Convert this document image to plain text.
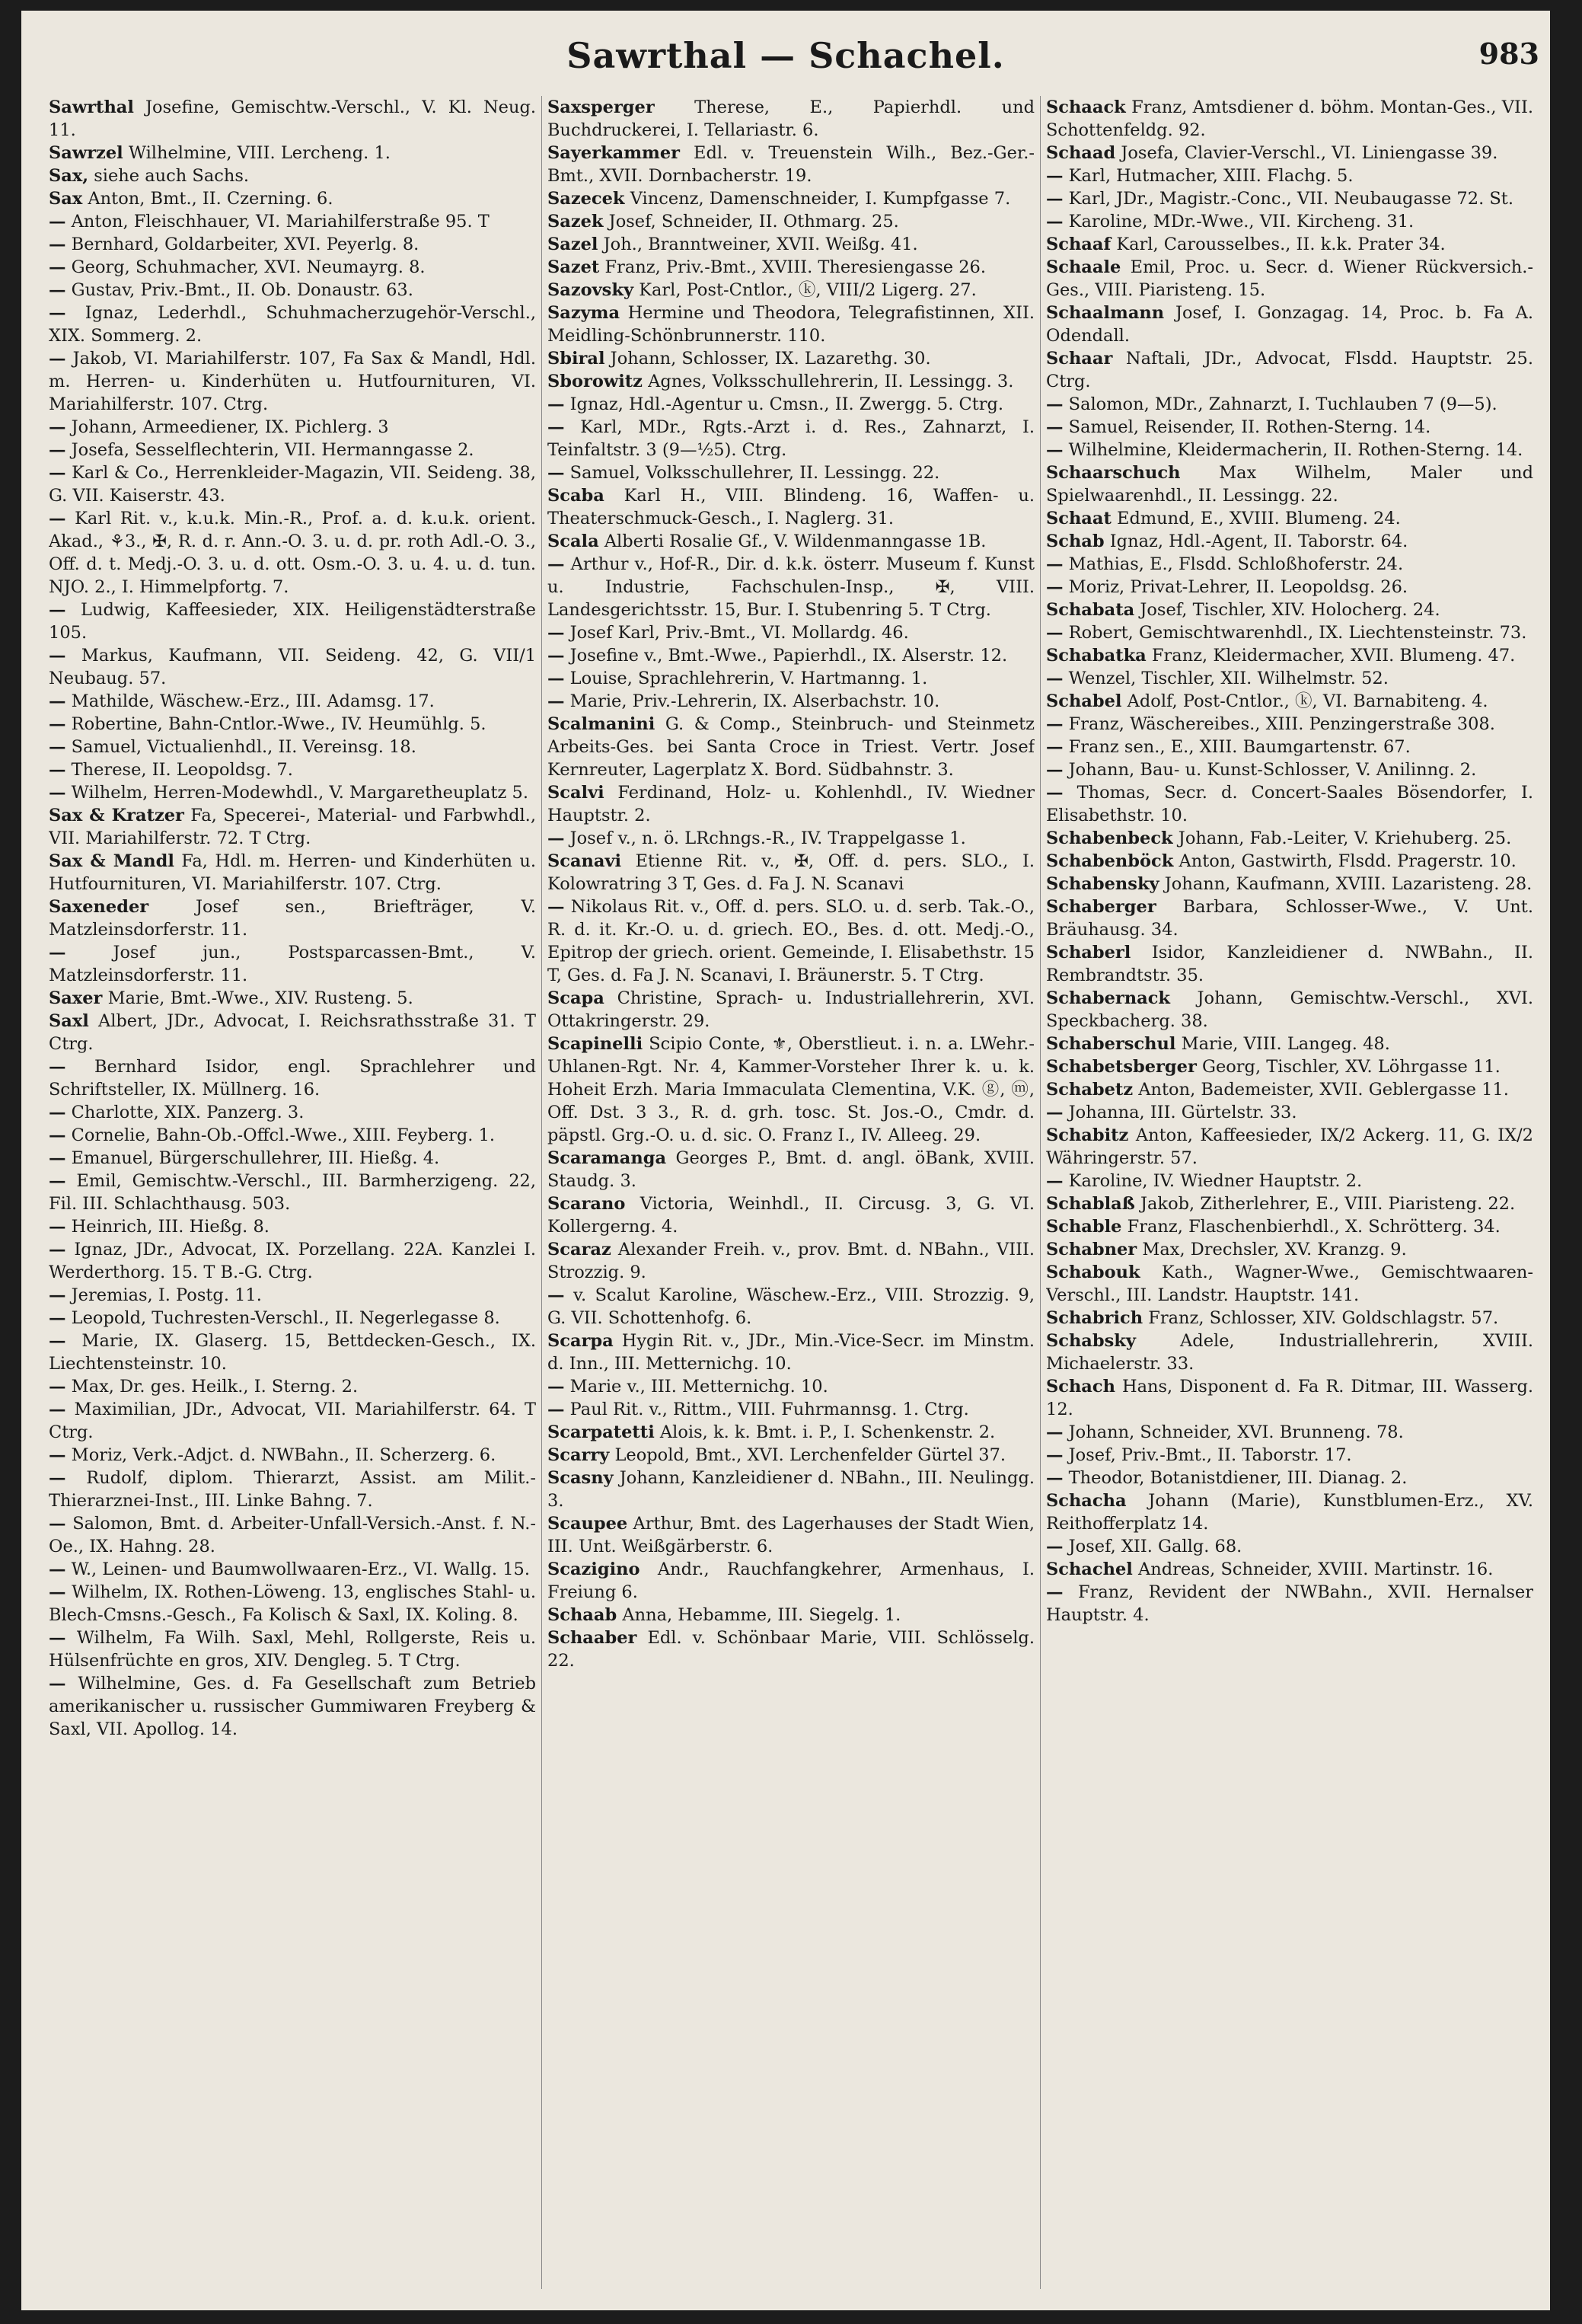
Sawrthal — Schachel.	983

Sawrthal Josefine, Gemischtw.-Verschl., V. Kl. Neug. 11.

Sawrzel Wilhelmine, VIII. Lercheng. 1.

Sax, siehe auch Sachs.

Sax Anton, Bmt., II. Czerning. 6.

— Anton, Fleischhauer, VI. Mariahilferstraße 95. T

— Bernhard, Goldarbeiter, XVI. Peyerlg. 8.

— Georg, Schuhmacher, XVI. Neumayrg. 8.

— Gustav, Priv.-Bmt., II. Ob. Donaustr. 63.

— Ignaz, Lederhdl., Schuhmacherzugehör-Verschl., XIX. Sommerg. 2.

— Jakob, VI. Mariahilferstr. 107, Fa Sax & Mandl, Hdl. m. Herren- u. Kinderhüten u. Hutfournituren, VI. Mariahilferstr. 107. Ctrg.

— Johann, Armeediener, IX. Pichlerg. 3

— Josefa, Sesselflechterin, VII. Hermanngasse 2.

— Karl & Co., Herrenkleider-Magazin, VII. Seideng. 38, G. VII. Kaiserstr. 43.

— Karl Rit. v., k.u.k. Min.-R., Prof. a. d. k.u.k. orient. Akad., ⚘3., ✠, R. d. r. Ann.-O. 3. u. d. pr. roth Adl.-O. 3., Off. d. t. Medj.-O. 3. u. d. ott. Osm.-O. 3. u. 4. u. d. tun. NJO. 2., I. Himmelpfortg. 7.

— Ludwig, Kaffeesieder, XIX. Heiligenstädterstraße 105.

— Markus, Kaufmann, VII. Seideng. 42, G. VII/1 Neubaug. 57.

— Mathilde, Wäschew.-Erz., III. Adamsg. 17.

— Robertine, Bahn-Cntlor.-Wwe., IV. Heumühlg. 5.

— Samuel, Victualienhdl., II. Vereinsg. 18.

— Therese, II. Leopoldsg. 7.

— Wilhelm, Herren-Modewhdl., V. Margaretheuplatz 5.

Sax & Kratzer Fa, Specerei-, Material- und Farbwhdl., VII. Mariahilferstr. 72. T Ctrg.

Sax & Mandl Fa, Hdl. m. Herren- und Kinderhüten u. Hutfournituren, VI. Mariahilferstr. 107. Ctrg.

Saxeneder	Josef sen., Briefträger, V. Matzleinsdorferstr. 11.

—	Josef jun., Postsparcassen-Bmt., V. Matzleinsdorferstr. 11.

Saxer Marie, Bmt.-Wwe., XIV. Rusteng. 5.

Saxl Albert, JDr., Advocat, I. Reichsrathsstraße 31. T Ctrg.

— Bernhard Isidor, engl. Sprachlehrer und Schriftsteller, IX. Müllnerg. 16.

— Charlotte, XIX. Panzerg. 3.

— Cornelie, Bahn-Ob.-Offcl.-Wwe., XIII. Feyberg. 1.

— Emanuel, Bürgerschullehrer, III. Hießg. 4.

— Emil, Gemischtw.-Verschl., III. Barmherzigeng. 22, Fil. III. Schlachthausg. 503.

— Heinrich, III. Hießg. 8.

— Ignaz, JDr., Advocat, IX. Porzellang. 22A. Kanzlei I. Werderthorg. 15. T B.-G. Ctrg.

— Jeremias, I. Postg. 11.

— Leopold, Tuchresten-Verschl., II. Negerlegasse 8.

— Marie, IX. Glaserg. 15, Bettdecken-Gesch., IX. Liechtensteinstr. 10.

— Max, Dr. ges. Heilk., I. Sterng. 2.

— Maximilian, JDr., Advocat, VII. Mariahilferstr. 64. T Ctrg.

— Moriz, Verk.-Adjct. d. NWBahn., II. Scherzerg. 6.

— Rudolf, diplom. Thierarzt, Assist. am Milit.-Thierarznei-Inst., III. Linke Bahng. 7.

— Salomon, Bmt. d. Arbeiter-Unfall-Versich.-Anst. f. N.-Oe., IX. Hahng. 28.

— W., Leinen- und Baumwollwaaren-Erz., VI. Wallg. 15.

— Wilhelm, IX. Rothen-Löweng. 13, englisches Stahl- u. Blech-Cmsns.-Gesch., Fa Kolisch & Saxl, IX. Koling. 8.

— Wilhelm, Fa Wilh. Saxl, Mehl, Rollgerste, Reis u. Hülsenfrüchte en gros, XIV. Dengleg. 5. T Ctrg.

— Wilhelmine, Ges. d. Fa Gesellschaft zum Betrieb amerikanischer u. russischer Gummiwaren Freyberg & Saxl, VII. Apollog. 14.

Saxsperger Therese, E., Papierhdl. und Buchdruckerei, I. Tellariastr. 6.

Sayerkammer Edl. v. Treuenstein Wilh., Bez.-Ger.-Bmt., XVII. Dornbacherstr. 19.

Sazecek Vincenz, Damenschneider, I. Kumpfgasse 7.

Sazek Josef, Schneider, II. Othmarg. 25.

Sazel Joh., Branntweiner, XVII. Weißg. 41.

Sazet Franz, Priv.-Bmt., XVIII. Theresiengasse 26.

Sazovsky Karl, Post-Cntlor., ⓚ, VIII/2 Ligerg. 27.

Sazyma Hermine und Theodora, Telegrafistinnen, XII. Meidling-Schönbrunnerstr. 110.

Sbiral Johann, Schlosser, IX. Lazarethg. 30.

Sborowitz Agnes, Volksschullehrerin, II. Lessingg. 3.

— Ignaz, Hdl.-Agentur u. Cmsn., II. Zwergg. 5. Ctrg.

— Karl, MDr., Rgts.-Arzt i. d. Res., Zahnarzt, I. Teinfaltstr. 3 (9—½5). Ctrg.

— Samuel, Volksschullehrer, II. Lessingg. 22.

Scaba Karl H., VIII. Blindeng. 16, Waffen- u. Theaterschmuck-Gesch., I. Naglerg. 31.

Scala Alberti Rosalie Gf., V. Wildenmanngasse 1B.

— Arthur v., Hof-R., Dir. d. k.k. österr. Museum f. Kunst u. Industrie, Fachschulen-Insp., ✠, VIII. Landesgerichtsstr. 15, Bur. I. Stubenring 5. T Ctrg.

— Josef Karl, Priv.-Bmt., VI. Mollardg. 46.

— Josefine v., Bmt.-Wwe., Papierhdl., IX. Alserstr. 12.

— Louise, Sprachlehrerin, V. Hartmanng. 1.

— Marie, Priv.-Lehrerin, IX. Alserbachstr. 10.

Scalmanini G. & Comp., Steinbruch- und Steinmetz Arbeits-Ges. bei Santa Croce in Triest. Vertr. Josef Kernreuter, Lagerplatz X. Bord. Südbahnstr. 3.

Scalvi Ferdinand, Holz- u. Kohlenhdl., IV. Wiedner Hauptstr. 2.

— Josef v., n. ö. LRchngs.-R., IV. Trappelgasse 1.

Scanavi Etienne Rit. v., ✠, Off. d. pers. SLO., I. Kolowratring 3 T, Ges. d. Fa J. N. Scanavi

— Nikolaus Rit. v., Off. d. pers. SLO. u. d. serb. Tak.-O., R. d. it. Kr.-O. u. d. griech. EO., Bes. d. ott. Medj.-O., Epitrop der griech. orient. Gemeinde, I. Elisabethstr. 15 T, Ges. d. Fa J. N. Scanavi, I. Bräunerstr. 5. T Ctrg.

Scapa Christine, Sprach- u. Industriallehrerin, XVI. Ottakringerstr. 29.

Scapinelli Scipio Conte, ⚜, Oberstlieut. i. n. a. LWehr.-Uhlanen-Rgt. Nr. 4, Kammer-Vorsteher Ihrer k. u. k. Hoheit Erzh. Maria Immaculata Clementina, V.K. ⓖ, ⓜ, Off. Dst. 3 3., R. d. grh. tosc. St. Jos.-O., Cmdr. d. päpstl. Grg.-O. u. d. sic. O. Franz I., IV. Alleeg. 29.

Scaramanga Georges P., Bmt. d. angl. öBank, XVIII. Staudg. 3.

Scarano Victoria, Weinhdl., II. Circusg. 3, G. VI. Kollergerng. 4.

Scaraz Alexander Freih. v., prov. Bmt. d. NBahn., VIII. Strozzig. 9.

— v. Scalut Karoline, Wäschew.-Erz., VIII. Strozzig. 9, G. VII. Schottenhofg. 6.

Scarpa Hygin Rit. v., JDr., Min.-Vice-Secr. im Minstm. d. Inn., III. Metternichg. 10.

— Marie v., III. Metternichg. 10.

— Paul Rit. v., Rittm., VIII. Fuhrmannsg. 1. Ctrg.

Scarpatetti Alois, k. k. Bmt. i. P., I. Schenkenstr. 2.

Scarry Leopold, Bmt., XVI. Lerchenfelder Gürtel 37.

Scasny Johann, Kanzleidiener d. NBahn., III. Neulingg. 3.

Scaupee Arthur, Bmt. des Lagerhauses der Stadt Wien, III. Unt. Weißgärberstr. 6.

Scazigino Andr., Rauchfangkehrer, Armenhaus, I. Freiung 6.

Schaab Anna, Hebamme, III. Siegelg. 1.

Schaaber Edl. v. Schönbaar Marie, VIII. Schlösselg. 22.

Schaack Franz, Amtsdiener d. böhm. Montan-Ges., VII. Schottenfeldg. 92.

Schaad Josefa, Clavier-Verschl., VI. Liniengasse 39.

— Karl, Hutmacher, XIII. Flachg. 5.

— Karl, JDr., Magistr.-Conc., VII. Neubaugasse 72. St.

— Karoline, MDr.-Wwe., VII. Kircheng. 31.

Schaaf Karl, Carousselbes., II. k.k. Prater 34.

Schaale Emil, Proc. u. Secr. d. Wiener Rückversich.-Ges., VIII. Piaristeng. 15.

Schaalmann Josef, I. Gonzagag. 14, Proc. b. Fa A. Odendall.

Schaar Naftali, JDr., Advocat, Flsdd. Hauptstr. 25. Ctrg.

— Salomon, MDr., Zahnarzt, I. Tuchlauben 7 (9—5).

— Samuel, Reisender, II. Rothen-Sterng. 14.

— Wilhelmine, Kleidermacherin, II. Rothen-Sterng. 14.

Schaarschuch Max Wilhelm, Maler und Spielwaarenhdl., II. Lessingg. 22.

Schaat Edmund, E., XVIII. Blumeng. 24.

Schab Ignaz, Hdl.-Agent, II. Taborstr. 64.

— Mathias, E., Flsdd. Schloßhoferstr. 24.

— Moriz, Privat-Lehrer, II. Leopoldsg. 26.

Schabata Josef, Tischler, XIV. Holocherg. 24.

— Robert, Gemischtwarenhdl., IX. Liechtensteinstr. 73.

Schabatka Franz, Kleidermacher, XVII. Blumeng. 47.

— Wenzel, Tischler, XII. Wilhelmstr. 52.

Schabel Adolf, Post-Cntlor., ⓚ, VI. Barnabiteng. 4.

— Franz, Wäschereibes., XIII. Penzingerstraße 308.

— Franz sen., E., XIII. Baumgartenstr. 67.

— Johann, Bau- u. Kunst-Schlosser, V. Anilinng. 2.

— Thomas, Secr. d. Concert-Saales Bösendorfer, I. Elisabethstr. 10.

Schabenbeck Johann, Fab.-Leiter, V. Kriehuberg. 25.

Schabenböck Anton, Gastwirth, Flsdd. Pragerstr. 10.

Schabensky Johann, Kaufmann, XVIII. Lazaristeng. 28.

Schaberger Barbara, Schlosser-Wwe., V. Unt. Bräuhausg. 34.

Schaberl Isidor, Kanzleidiener d. NWBahn., II. Rembrandtstr. 35.

Schabernack Johann, Gemischtw.-Verschl., XVI. Speckbacherg. 38.

Schaberschul Marie, VIII. Langeg. 48.

Schabetsberger Georg, Tischler, XV. Löhrgasse 11.

Schabetz Anton, Bademeister, XVII. Geblergasse 11.

— Johanna, III. Gürtelstr. 33.

Schabitz Anton, Kaffeesieder, IX/2 Ackerg. 11, G. IX/2 Währingerstr. 57.

— Karoline, IV. Wiedner Hauptstr. 2.

Schablaß Jakob, Zitherlehrer, E., VIII. Piaristeng. 22.

Schable Franz, Flaschenbierhdl., X. Schrötterg. 34.

Schabner Max, Drechsler, XV. Kranzg. 9.

Schabouk Kath., Wagner-Wwe., Gemischtwaaren-Verschl., III. Landstr. Hauptstr. 141.

Schabrich Franz, Schlosser, XIV. Goldschlagstr. 57.

Schabsky	Adele, Industriallehrerin, XVIII. Michaelerstr. 33.

Schach Hans, Disponent d. Fa R. Ditmar, III. Wasserg. 12.

— Johann, Schneider, XVI. Brunneng. 78.

— Josef, Priv.-Bmt., II. Taborstr. 17.

— Theodor, Botanistdiener, III. Dianag. 2.

Schacha Johann (Marie), Kunstblumen-Erz., XV. Reithofferplatz 14.

— Josef, XII. Gallg. 68.

Schachel Andreas, Schneider, XVIII. Martinstr. 16.

— Franz, Revident der NWBahn., XVII. Hernalser Hauptstr. 4.
